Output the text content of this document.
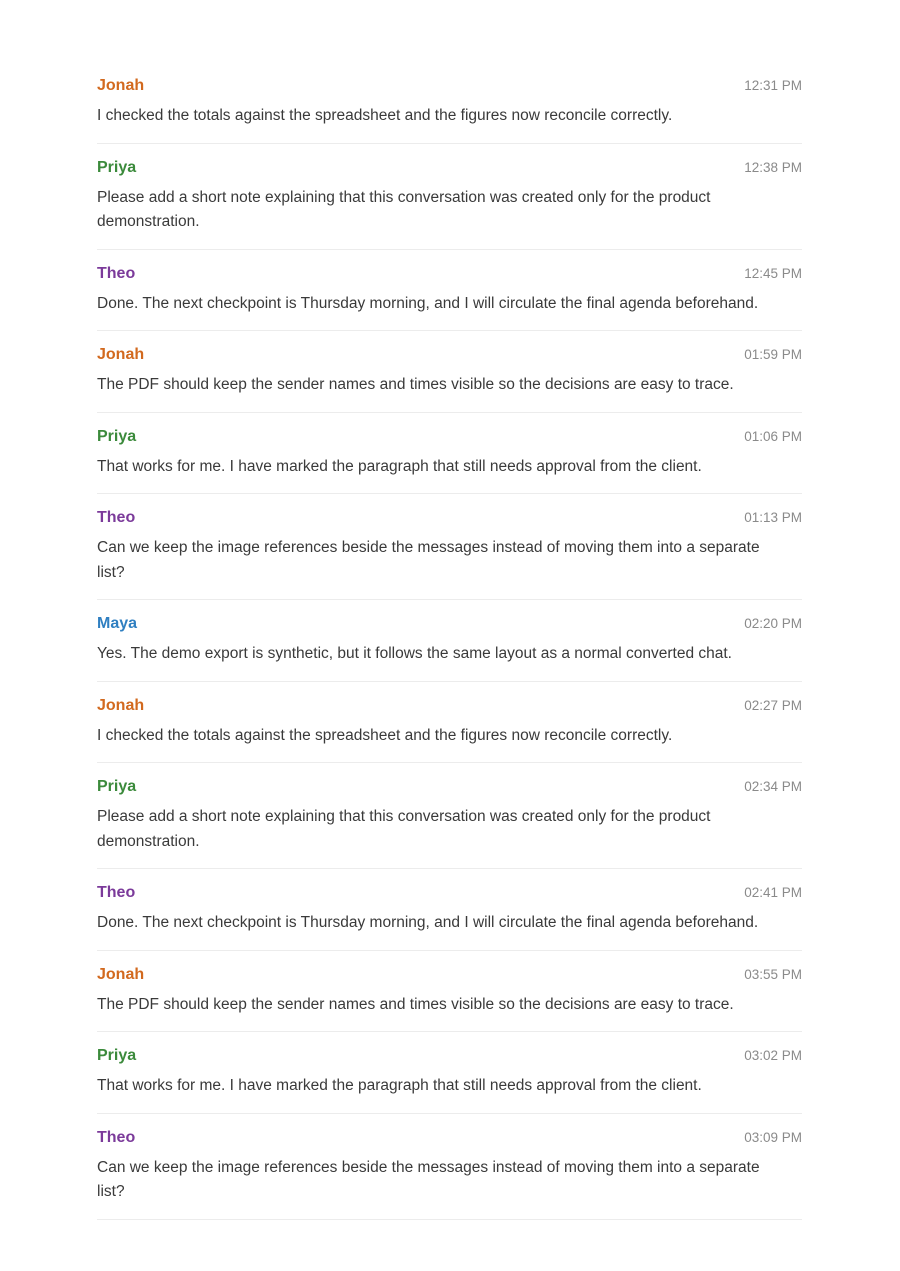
Jonah	12:31 PM
I checked the totals against the spreadsheet and the figures now reconcile correctly.
Priya	12:38 PM
Please add a short note explaining that this conversation was created only for the product demonstration.
Theo	12:45 PM
Done. The next checkpoint is Thursday morning, and I will circulate the final agenda beforehand.
Jonah	01:59 PM
The PDF should keep the sender names and times visible so the decisions are easy to trace.
Priya	01:06 PM
That works for me. I have marked the paragraph that still needs approval from the client.
Theo	01:13 PM
Can we keep the image references beside the messages instead of moving them into a separate list?
Maya	02:20 PM
Yes. The demo export is synthetic, but it follows the same layout as a normal converted chat.
Jonah	02:27 PM
I checked the totals against the spreadsheet and the figures now reconcile correctly.
Priya	02:34 PM
Please add a short note explaining that this conversation was created only for the product demonstration.
Theo	02:41 PM
Done. The next checkpoint is Thursday morning, and I will circulate the final agenda beforehand.
Jonah	03:55 PM
The PDF should keep the sender names and times visible so the decisions are easy to trace.
Priya	03:02 PM
That works for me. I have marked the paragraph that still needs approval from the client.
Theo	03:09 PM
Can we keep the image references beside the messages instead of moving them into a separate list?
